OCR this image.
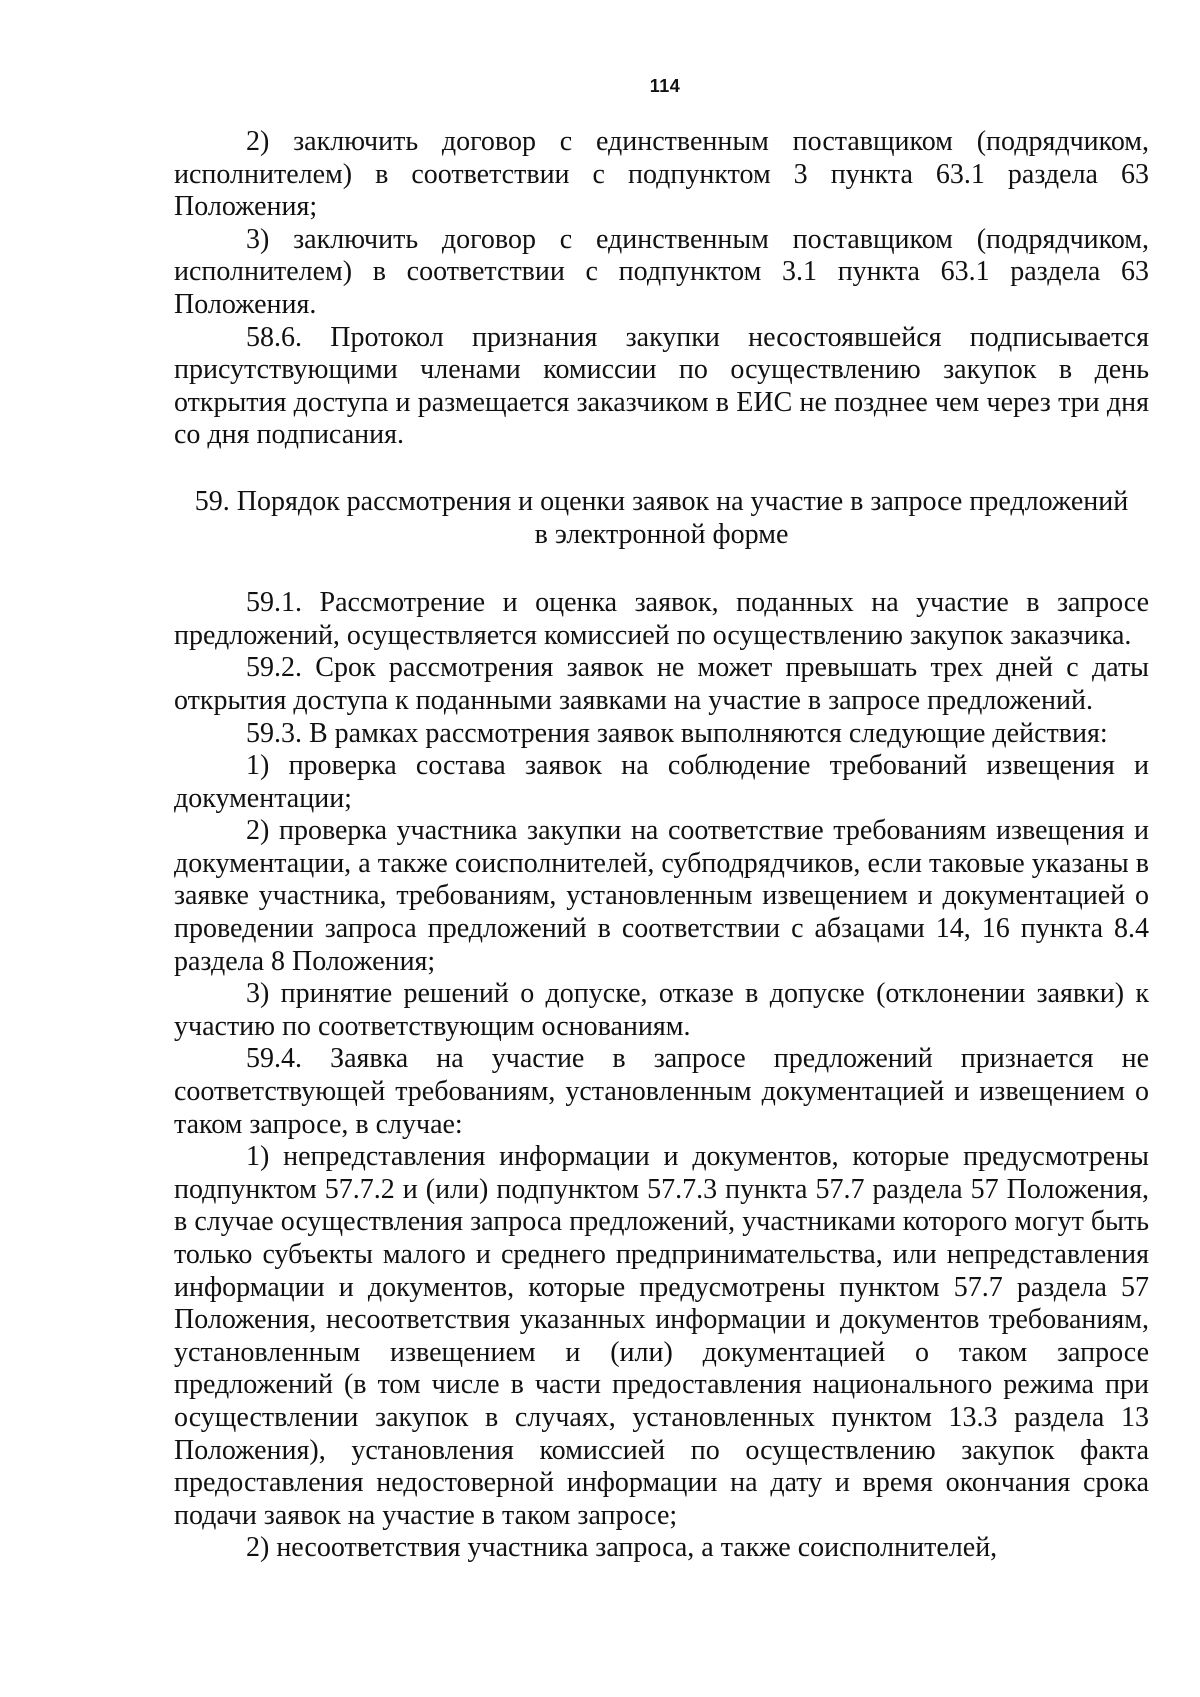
114

2) заключить договор с единственным поставщиком (подрядчиком, исполнителем) в соответствии с подпунктом 3 пункта 63.1 раздела 63 Положения;

3) заключить договор с единственным поставщиком (подрядчиком, исполнителем) в соответствии с подпунктом 3.1 пункта 63.1 раздела 63 Положения.

58.6. Протокол признания закупки несостоявшейся подписывается присутствующими членами комиссии по осуществлению закупок в день открытия доступа и размещается заказчиком в ЕИС не позднее чем через три дня со дня подписания.

59. Порядок рассмотрения и оценки заявок на участие в запросе предложений
в электронной форме

59.1. Рассмотрение и оценка заявок, поданных на участие в запросе предложений, осуществляется комиссией по осуществлению закупок заказчика.

59.2. Срок рассмотрения заявок не может превышать трех дней с даты открытия доступа к поданными заявками на участие в запросе предложений.

59.3. В рамках рассмотрения заявок выполняются следующие действия:

1) проверка состава заявок на соблюдение требований извещения и документации;

2) проверка участника закупки на соответствие требованиям извещения и документации, а также соисполнителей, субподрядчиков, если таковые указаны в заявке участника, требованиям, установленным извещением и документацией о проведении запроса предложений в соответствии с абзацами 14, 16 пункта 8.4 раздела 8 Положения;

3) принятие решений о допуске, отказе в допуске (отклонении заявки) к участию по соответствующим основаниям.

59.4. Заявка на участие в запросе предложений признается не соответствующей требованиям, установленным документацией и извещением о таком запросе, в случае:

1) непредставления информации и документов, которые предусмотрены подпунктом 57.7.2 и (или) подпунктом 57.7.3 пункта 57.7 раздела 57 Положения, в случае осуществления запроса предложений, участниками которого могут быть только субъекты малого и среднего предпринимательства, или непредставления информации и документов, которые предусмотрены пунктом 57.7 раздела 57 Положения, несоответствия указанных информации и документов требованиям, установленным извещением и (или) документацией о таком запросе предложений (в том числе в части предоставления национального режима при осуществлении закупок в случаях, установленных пунктом 13.3 раздела 13 Положения), установления комиссией по осуществлению закупок факта предоставления недостоверной информации на дату и время окончания срока подачи заявок на участие в таком запросе;

2) несоответствия участника запроса, а также соисполнителей,
